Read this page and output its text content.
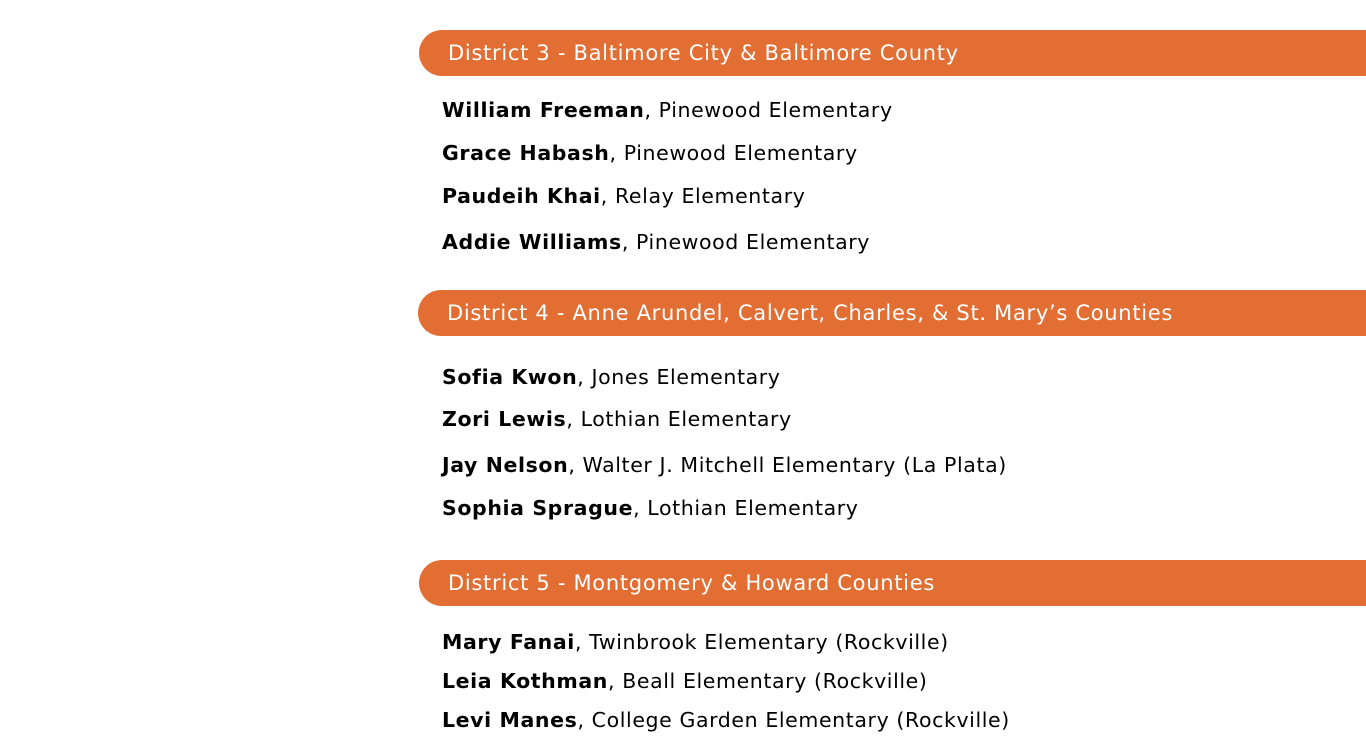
District 3 - Baltimore City & Baltimore County
William Freeman, Pinewood Elementary
Grace Habash, Pinewood Elementary
Paudeih Khai, Relay Elementary
Addie Williams, Pinewood Elementary
District 4 - Anne Arundel, Calvert, Charles, & St. Mary’s Counties
Sofia Kwon, Jones Elementary
Zori Lewis, Lothian Elementary
Jay Nelson, Walter J. Mitchell Elementary (La Plata)
Sophia Sprague, Lothian Elementary
District 5 - Montgomery & Howard Counties
Mary Fanai, Twinbrook Elementary (Rockville)
Leia Kothman, Beall Elementary (Rockville)
Levi Manes, College Garden Elementary (Rockville)
